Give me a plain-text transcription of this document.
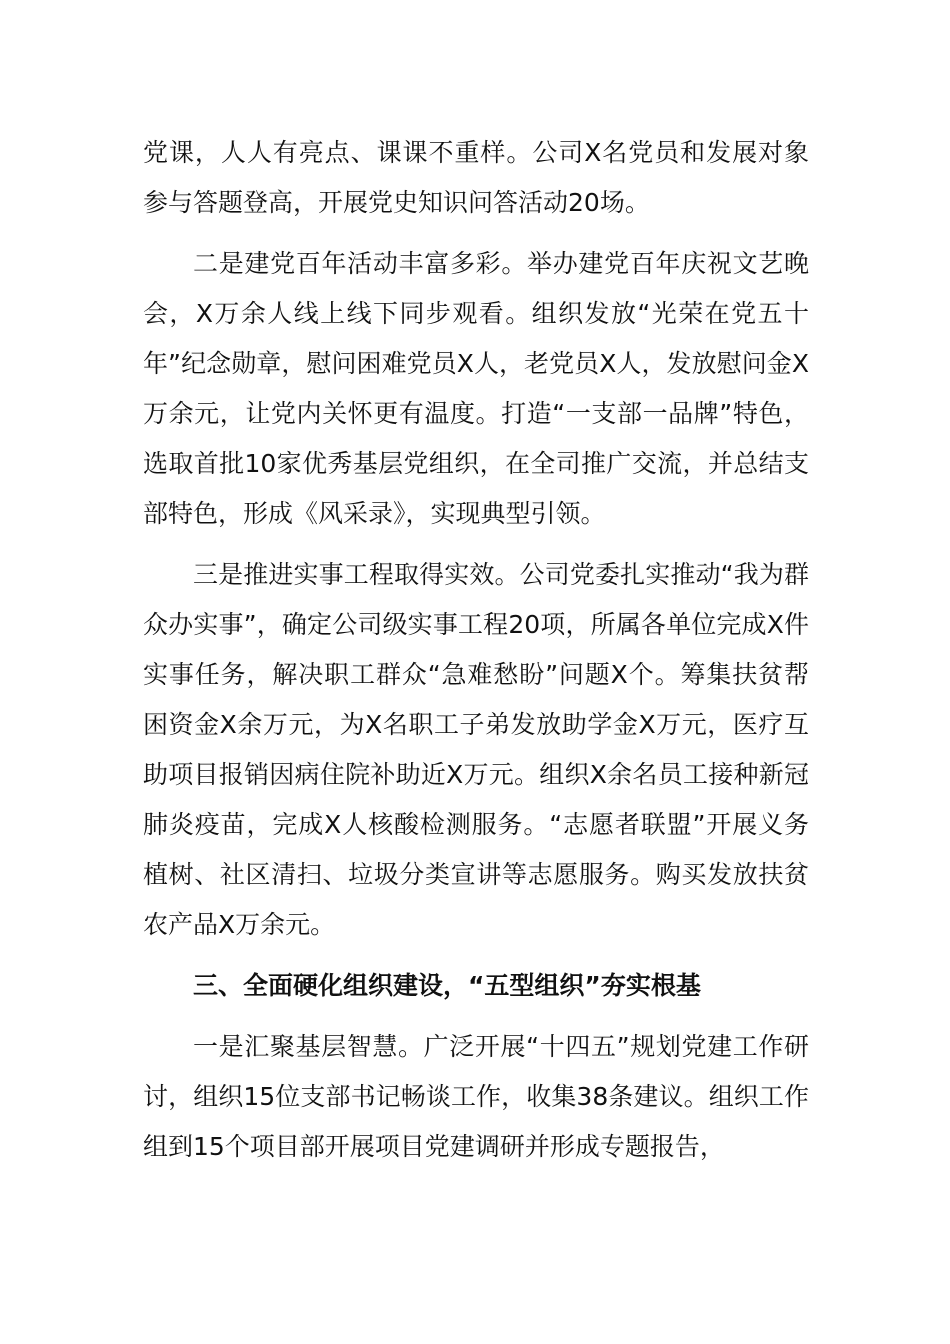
党课，人人有亮点、课课不重样。公司X名党员和发展对象参与答题登高，开展党史知识问答活动20场。

二是建党百年活动丰富多彩。举办建党百年庆祝文艺晚会，X万余人线上线下同步观看。组织发放“光荣在党五十年”纪念勋章，慰问困难党员X人，老党员X人，发放慰问金X万余元，让党内关怀更有温度。打造“一支部一品牌”特色，选取首批10家优秀基层党组织，在全司推广交流，并总结支部特色，形成《风采录》，实现典型引领。

三是推进实事工程取得实效。公司党委扎实推动“我为群众办实事”，确定公司级实事工程20项，所属各单位完成X件实事任务，解决职工群众“急难愁盼”问题X个。筹集扶贫帮困资金X余万元，为X名职工子弟发放助学金X万元，医疗互助项目报销因病住院补助近X万元。组织X余名员工接种新冠肺炎疫苗，完成X人核酸检测服务。“志愿者联盟”开展义务植树、社区清扫、垃圾分类宣讲等志愿服务。购买发放扶贫农产品X万余元。

三、全面硬化组织建设，“五型组织”夯实根基

一是汇聚基层智慧。广泛开展“十四五”规划党建工作研讨，组织15位支部书记畅谈工作，收集38条建议。组织工作组到15个项目部开展项目党建调研并形成专题报告，
